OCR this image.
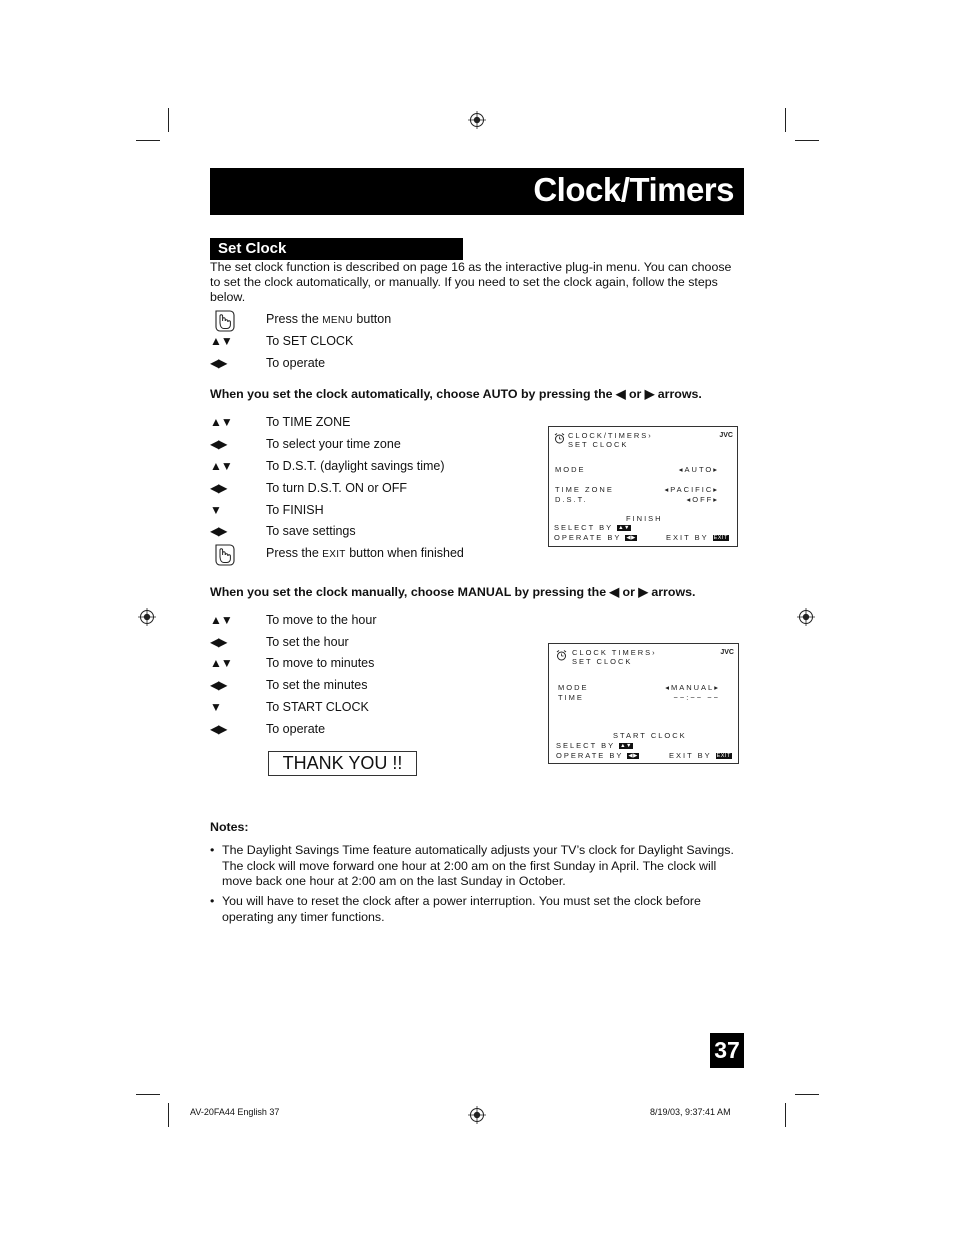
Clock/Timers
Set Clock
The set clock function is described on page 16 as the interactive plug-in menu. You can choose to set the clock automatically, or manually. If you need to set the clock again, follow the steps below.
Press the MENU button
▲▼	To SET CLOCK
◀▶	To operate
When you set the clock automatically, choose AUTO by pressing the ◀ or ▶ arrows.
▲▼	To TIME ZONE
◀▶	To select your time zone
▲▼	To D.S.T. (daylight savings time)
◀▶	To turn D.S.T. ON or OFF
▼	To FINISH
◀▶	To save settings
Press the EXIT button when finished
When you set the clock manually, choose MANUAL by pressing the ◀ or ▶ arrows.
▲▼	To move to the hour
◀▶	To set the hour
▲▼	To move to minutes
◀▶	To set the minutes
▼	To START CLOCK
◀▶	To operate
CLOCK/TIMERS›
SET CLOCK
JVC
MODE	◂AUTO▸
TIME ZONE	◂PACIFIC▸
D.S.T.	◂OFF▸
FINISH
SELECT BY ▲▼
OPERATE BY ◀▶	EXIT BY EXIT
CLOCK TIMERS›
SET CLOCK
JVC
MODE	◂MANUAL▸
TIME	−−:−− −−
START CLOCK
SELECT BY ▲▼
OPERATE BY ◀▶	EXIT BY EXIT
THANK YOU !!
Notes:
• The Daylight Savings Time feature automatically adjusts your TV’s clock for Daylight Savings. The clock will move forward one hour at 2:00 am on the first Sunday in April. The clock will move back one hour at 2:00 am on the last Sunday in October.
• You will have to reset the clock after a power interruption. You must set the clock before operating any timer functions.
37
AV-20FA44 English 37	8/19/03, 9:37:41 AM
